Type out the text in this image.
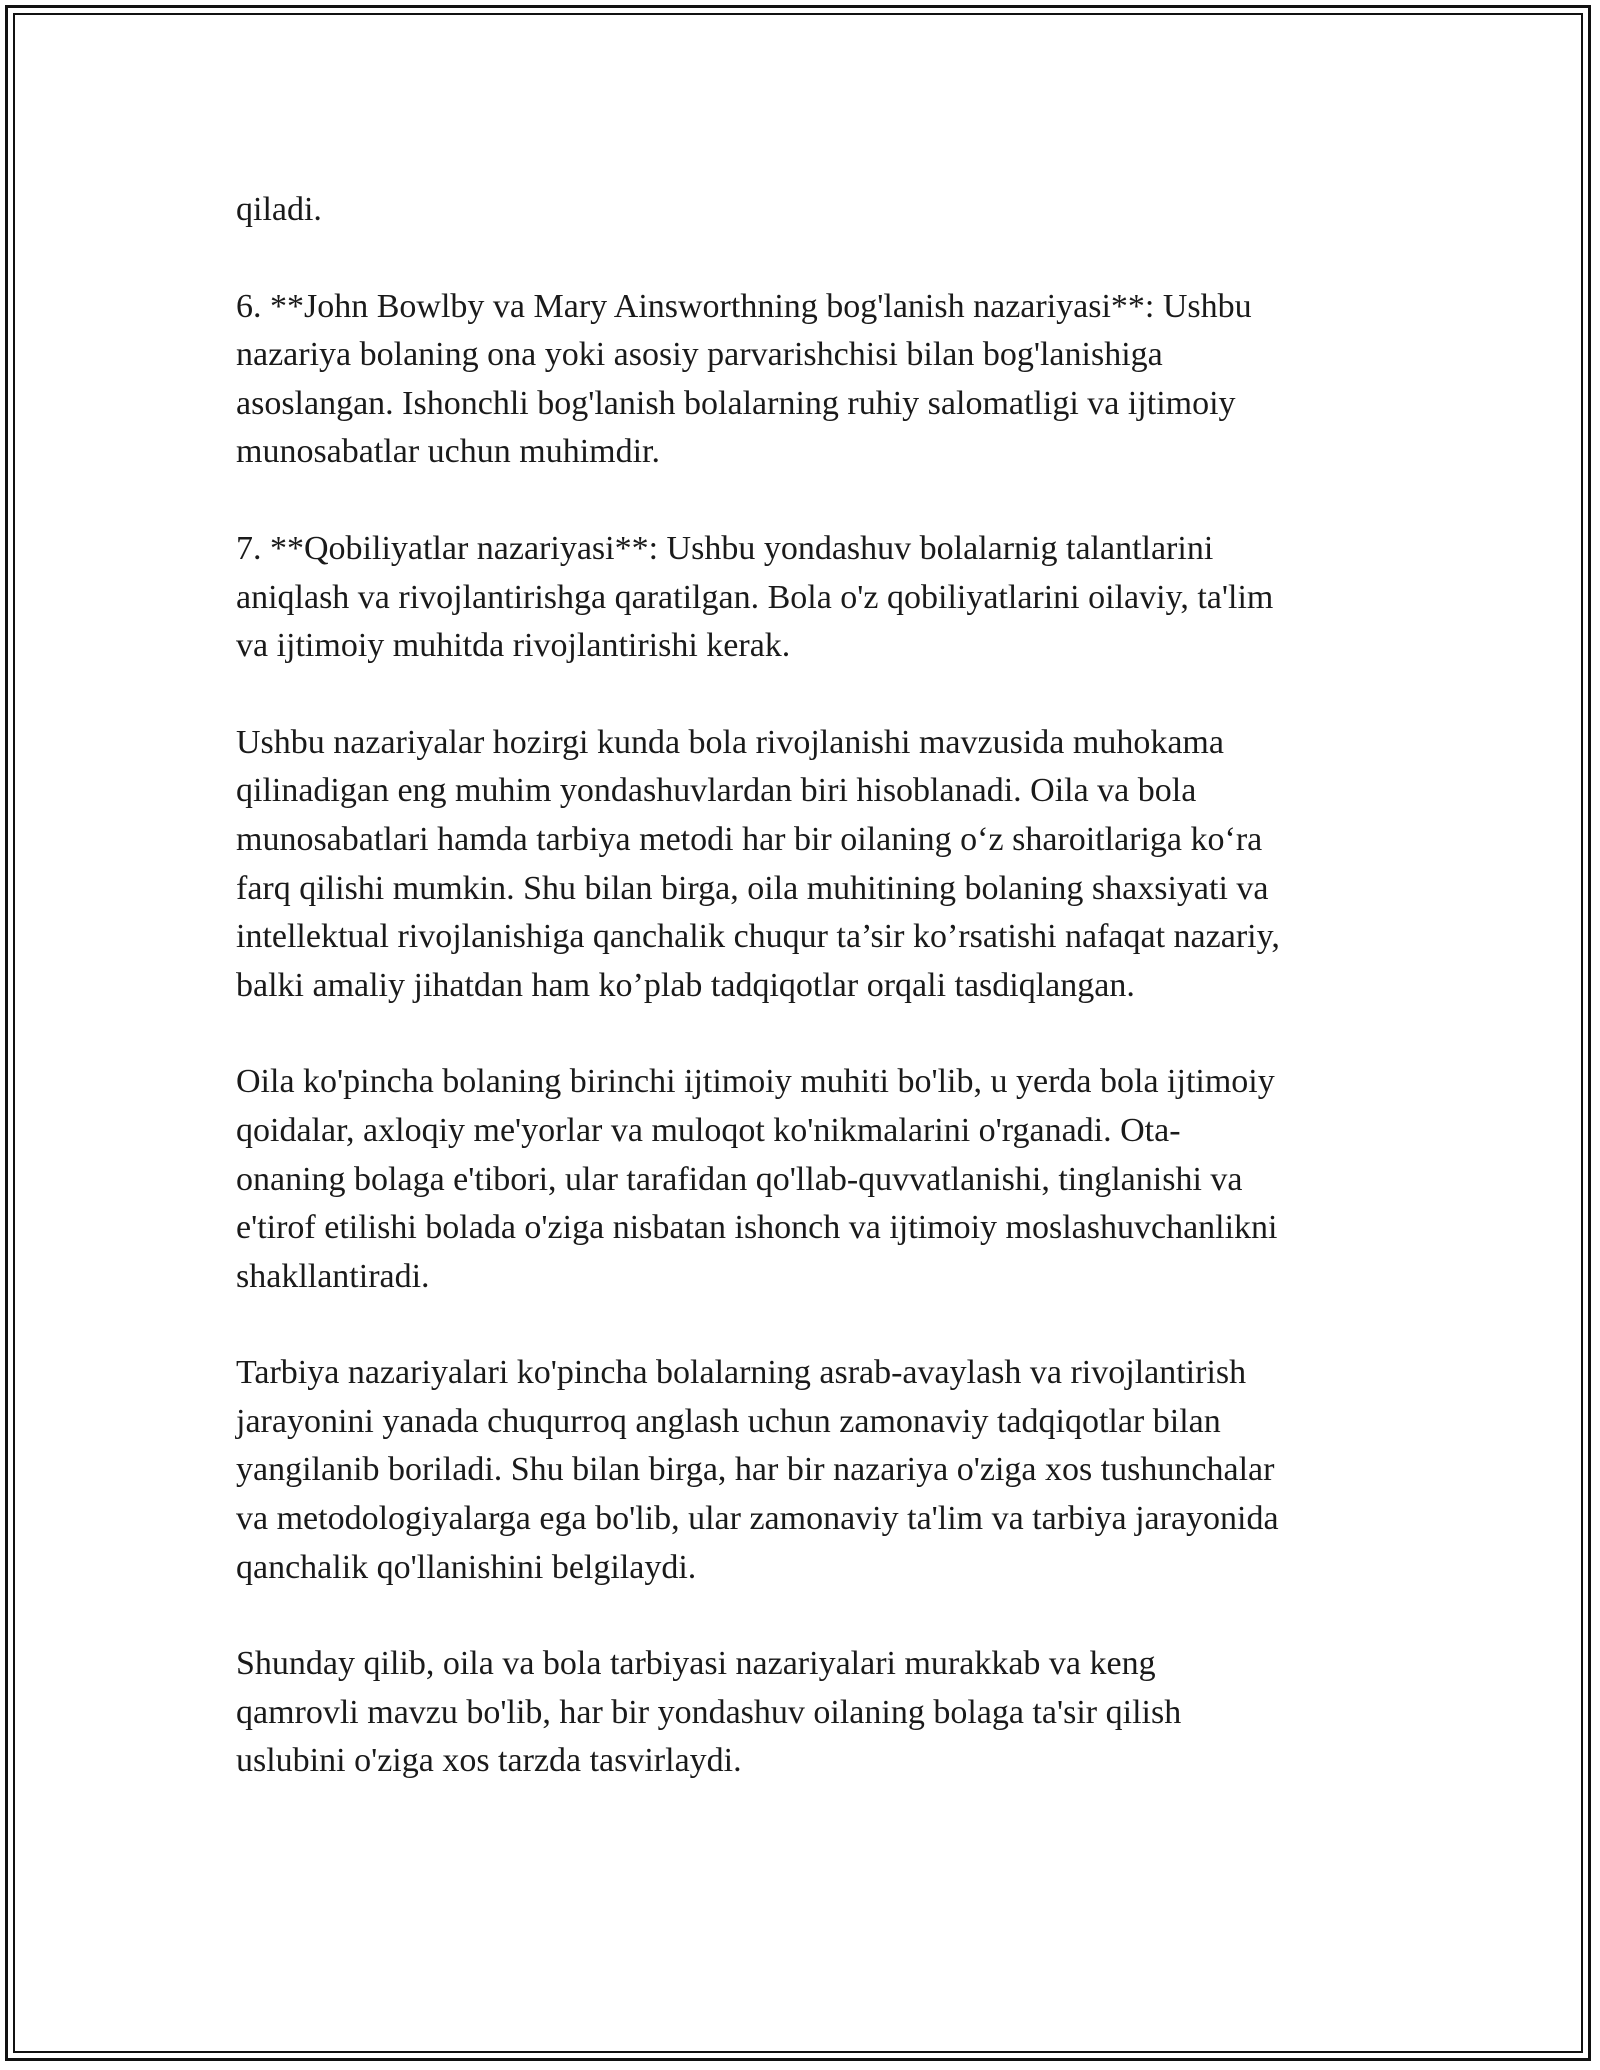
qiladi.

6. **John Bowlby va Mary Ainsworthning bog'lanish nazariyasi**: Ushbu
nazariya bolaning ona yoki asosiy parvarishchisi bilan bog'lanishiga
asoslangan. Ishonchli bog'lanish bolalarning ruhiy salomatligi va ijtimoiy
munosabatlar uchun muhimdir.

7. **Qobiliyatlar nazariyasi**: Ushbu yondashuv bolalarnig talantlarini
aniqlash va rivojlantirishga qaratilgan. Bola o'z qobiliyatlarini oilaviy, ta'lim
va ijtimoiy muhitda rivojlantirishi kerak.

Ushbu nazariyalar hozirgi kunda bola rivojlanishi mavzusida muhokama
qilinadigan eng muhim yondashuvlardan biri hisoblanadi. Oila va bola
munosabatlari hamda tarbiya metodi har bir oilaning o‘z sharoitlariga ko‘ra
farq qilishi mumkin. Shu bilan birga, oila muhitining bolaning shaxsiyati va
intellektual rivojlanishiga qanchalik chuqur ta’sir ko’rsatishi nafaqat nazariy,
balki amaliy jihatdan ham ko’plab tadqiqotlar orqali tasdiqlangan.

Oila ko'pincha bolaning birinchi ijtimoiy muhiti bo'lib, u yerda bola ijtimoiy
qoidalar, axloqiy me'yorlar va muloqot ko'nikmalarini o'rganadi. Ota-
onaning bolaga e'tibori, ular tarafidan qo'llab-quvvatlanishi, tinglanishi va
e'tirof etilishi bolada o'ziga nisbatan ishonch va ijtimoiy moslashuvchanlikni
shakllantiradi.

Tarbiya nazariyalari ko'pincha bolalarning asrab-avaylash va rivojlantirish
jarayonini yanada chuqurroq anglash uchun zamonaviy tadqiqotlar bilan
yangilanib boriladi. Shu bilan birga, har bir nazariya o'ziga xos tushunchalar
va metodologiyalarga ega bo'lib, ular zamonaviy ta'lim va tarbiya jarayonida
qanchalik qo'llanishini belgilaydi.

Shunday qilib, oila va bola tarbiyasi nazariyalari murakkab va keng
qamrovli mavzu bo'lib, har bir yondashuv oilaning bolaga ta'sir qilish
uslubini o'ziga xos tarzda tasvirlaydi.
